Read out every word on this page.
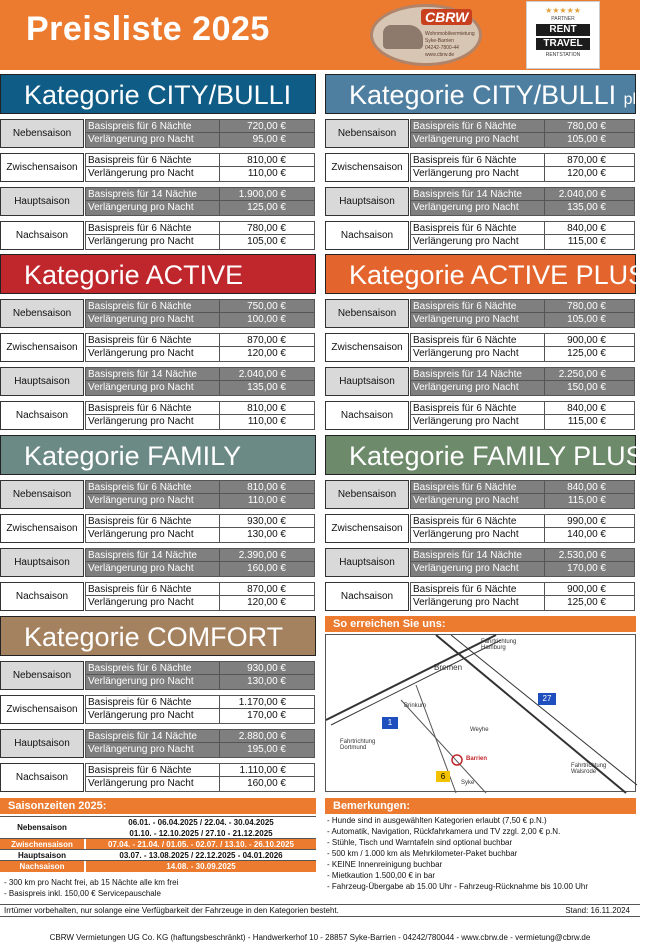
Preisliste 2025	CBRW
Wohnmobilvermietung
Syke-Barrien
04242-7800-44
www.cbrw.de
★★★★★
PARTNER
RENT
TRAVEL
RENTSTATION
Kategorie CITY/BULLI
Nebensaison
Basispreis für 6 Nächte	720,00 €
Verlängerung pro Nacht	95,00 €
Zwischensaison
Basispreis für 6 Nächte	810,00 €
Verlängerung pro Nacht	110,00 €
Hauptsaison
Basispreis für 14 Nächte	1.900,00 €
Verlängerung pro Nacht	125,00 €
Nachsaison
Basispreis für 6 Nächte	780,00 €
Verlängerung pro Nacht	105,00 €
Kategorie CITY/BULLI plus
Nebensaison
Basispreis für 6 Nächte	780,00 €
Verlängerung pro Nacht	105,00 €
Zwischensaison
Basispreis für 6 Nächte	870,00 €
Verlängerung pro Nacht	120,00 €
Hauptsaison
Basispreis für 14 Nächte	2.040,00 €
Verlängerung pro Nacht	135,00 €
Nachsaison
Basispreis für 6 Nächte	840,00 €
Verlängerung pro Nacht	115,00 €
Kategorie ACTIVE
Nebensaison
Basispreis für 6 Nächte	750,00 €
Verlängerung pro Nacht	100,00 €
Zwischensaison
Basispreis für 6 Nächte	870,00 €
Verlängerung pro Nacht	120,00 €
Hauptsaison
Basispreis für 14 Nächte	2.040,00 €
Verlängerung pro Nacht	135,00 €
Nachsaison
Basispreis für 6 Nächte	810,00 €
Verlängerung pro Nacht	110,00 €
Kategorie ACTIVE PLUS
Nebensaison
Basispreis für 6 Nächte	780,00 €
Verlängerung pro Nacht	105,00 €
Zwischensaison
Basispreis für 6 Nächte	900,00 €
Verlängerung pro Nacht	125,00 €
Hauptsaison
Basispreis für 14 Nächte	2.250,00 €
Verlängerung pro Nacht	150,00 €
Nachsaison
Basispreis für 6 Nächte	840,00 €
Verlängerung pro Nacht	115,00 €
Kategorie FAMILY
Nebensaison
Basispreis für 6 Nächte	810,00 €
Verlängerung pro Nacht	110,00 €
Zwischensaison
Basispreis für 6 Nächte	930,00 €
Verlängerung pro Nacht	130,00 €
Hauptsaison
Basispreis für 14 Nächte	2.390,00 €
Verlängerung pro Nacht	160,00 €
Nachsaison
Basispreis für 6 Nächte	870,00 €
Verlängerung pro Nacht	120,00 €
Kategorie FAMILY PLUS
Nebensaison
Basispreis für 6 Nächte	840,00 €
Verlängerung pro Nacht	115,00 €
Zwischensaison
Basispreis für 6 Nächte	990,00 €
Verlängerung pro Nacht	140,00 €
Hauptsaison
Basispreis für 14 Nächte	2.530,00 €
Verlängerung pro Nacht	170,00 €
Nachsaison
Basispreis für 6 Nächte	900,00 €
Verlängerung pro Nacht	125,00 €
Kategorie COMFORT
Nebensaison
Basispreis für 6 Nächte	930,00 €
Verlängerung pro Nacht	130,00 €
Zwischensaison
Basispreis für 6 Nächte	1.170,00 €
Verlängerung pro Nacht	170,00 €
Hauptsaison
Basispreis für 14 Nächte	2.880,00 €
Verlängerung pro Nacht	195,00 €
Nachsaison
Basispreis für 6 Nächte	1.110,00 €
Verlängerung pro Nacht	160,00 €
So erreichen Sie uns:
Fahrtrichtung
Hamburg
Bremen
Brinkum
Weyhe
Barrien
Syke
Fahrtrichtung
Dortmund
Fahrtrichtung
Walsrode
1
27
6
Saisonzeiten 2025:
Nebensaison
06.01. - 06.04.2025 / 22.04. - 30.04.2025
01.10. - 12.10.2025 / 27.10 - 21.12.2025
Zwischensaison	07.04. - 21.04. / 01.05. - 02.07. / 13.10. - 26.10.2025
Hauptsaison	03.07. - 13.08.2025 / 22.12.2025 - 04.01.2026
Nachsaison	14.08. - 30.09.2025
- 300 km pro Nacht frei, ab 15 Nächte alle km frei
- Basispreis inkl. 150,00 € Servicepauschale
Bemerkungen:
- Hunde sind in ausgewählten Kategorien erlaubt (7,50 € p.N.)
- Automatik, Navigation, Rückfahrkamera und TV zzgl. 2,00 € p.N.
- Stühle, Tisch und Warntafeln sind optional buchbar
- 500 km / 1.000 km als Mehrkilometer-Paket buchbar
- KEINE Innenreinigung buchbar
- Mietkaution 1.500,00 € in bar
- Fahrzeug-Übergabe ab 15.00 Uhr - Fahrzeug-Rücknahme bis 10.00 Uhr
Irrtümer vorbehalten, nur solange eine Verfügbarkeit der Fahrzeuge in den Kategorien besteht.	Stand: 16.11.2024
CBRW Vermietungen UG Co. KG (haftungsbeschränkt) - Handwerkerhof 10 - 28857 Syke-Barrien - 04242/780044 - www.cbrw.de - vermietung@cbrw.de
